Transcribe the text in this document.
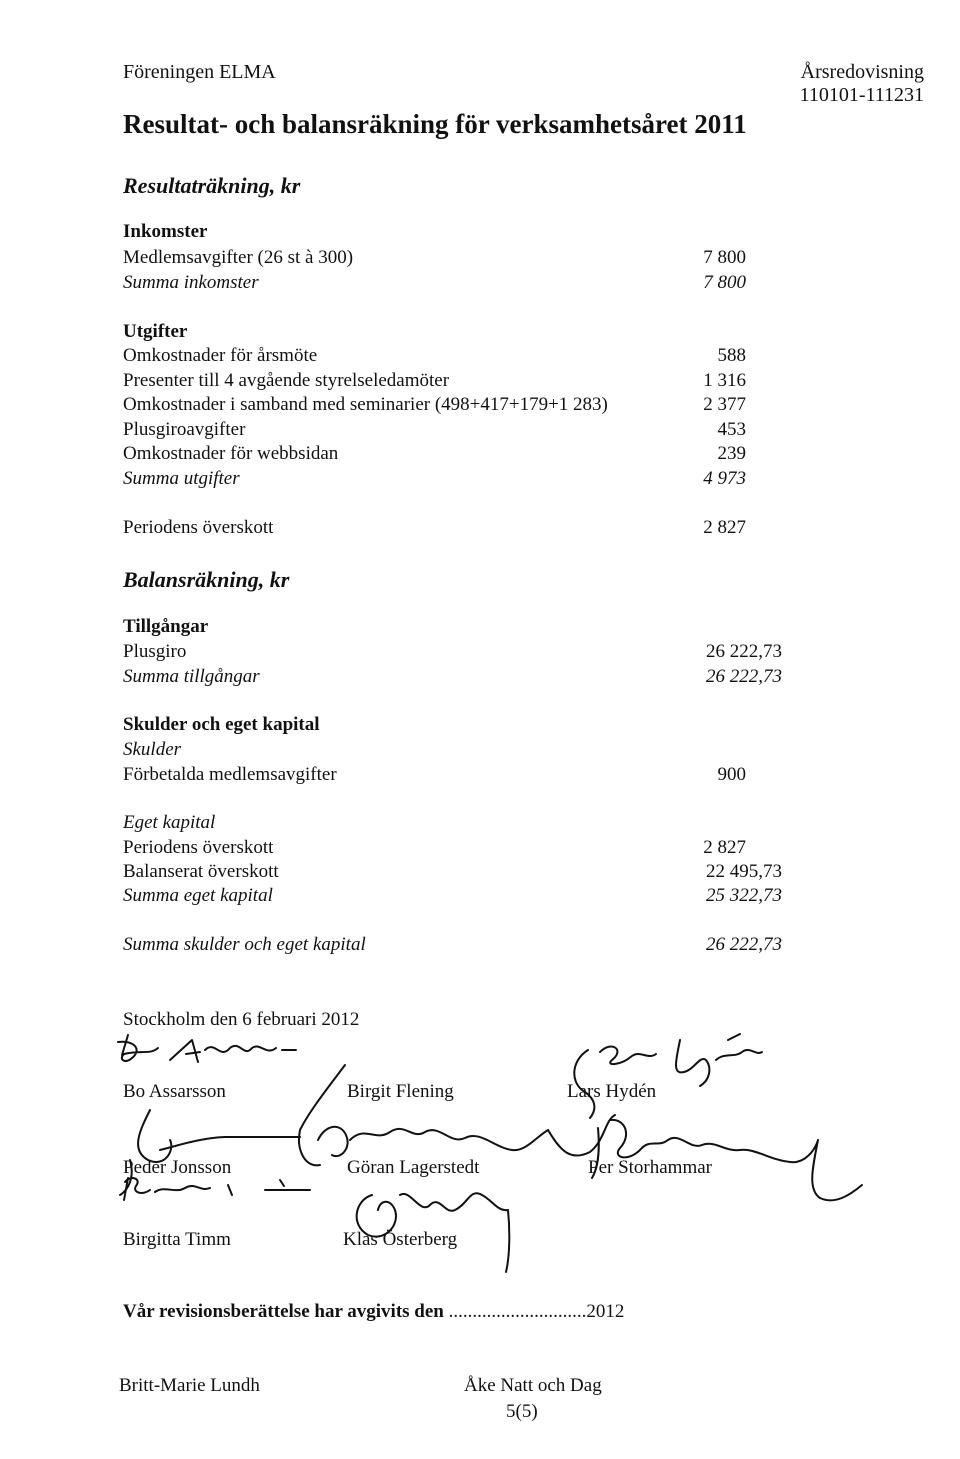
Föreningen ELMA	Årsredovisning
110101-111231
Resultat- och balansräkning för verksamhetsåret 2011
Resultaträkning, kr
Inkomster
Medlemsavgifter (26 st à 300)	7 800
Summa inkomster	7 800
Utgifter
Omkostnader för årsmöte	588
Presenter till 4 avgående styrelseledamöter	1 316
Omkostnader i samband med seminarier (498+417+179+1 283)	2 377
Plusgiroavgifter	453
Omkostnader för webbsidan	239
Summa utgifter	4 973
Periodens överskott	2 827
Balansräkning, kr
Tillgångar
Plusgiro	26 222,73
Summa tillgångar	26 222,73
Skulder och eget kapital
Skulder
Förbetalda medlemsavgifter	900
Eget kapital
Periodens överskott	2 827
Balanserat överskott	22 495,73
Summa eget kapital	25 322,73
Summa skulder och eget kapital	26 222,73
Stockholm den 6 februari 2012
Bo Assarsson	Birgit Flening	Lars Hydén
Peder Jonsson	Göran Lagerstedt	Per Storhammar
Birgitta Timm	Klas Österberg
Vår revisionsberättelse har avgivits den .............................2012
Britt-Marie Lundh	Åke Natt och Dag
5(5)
